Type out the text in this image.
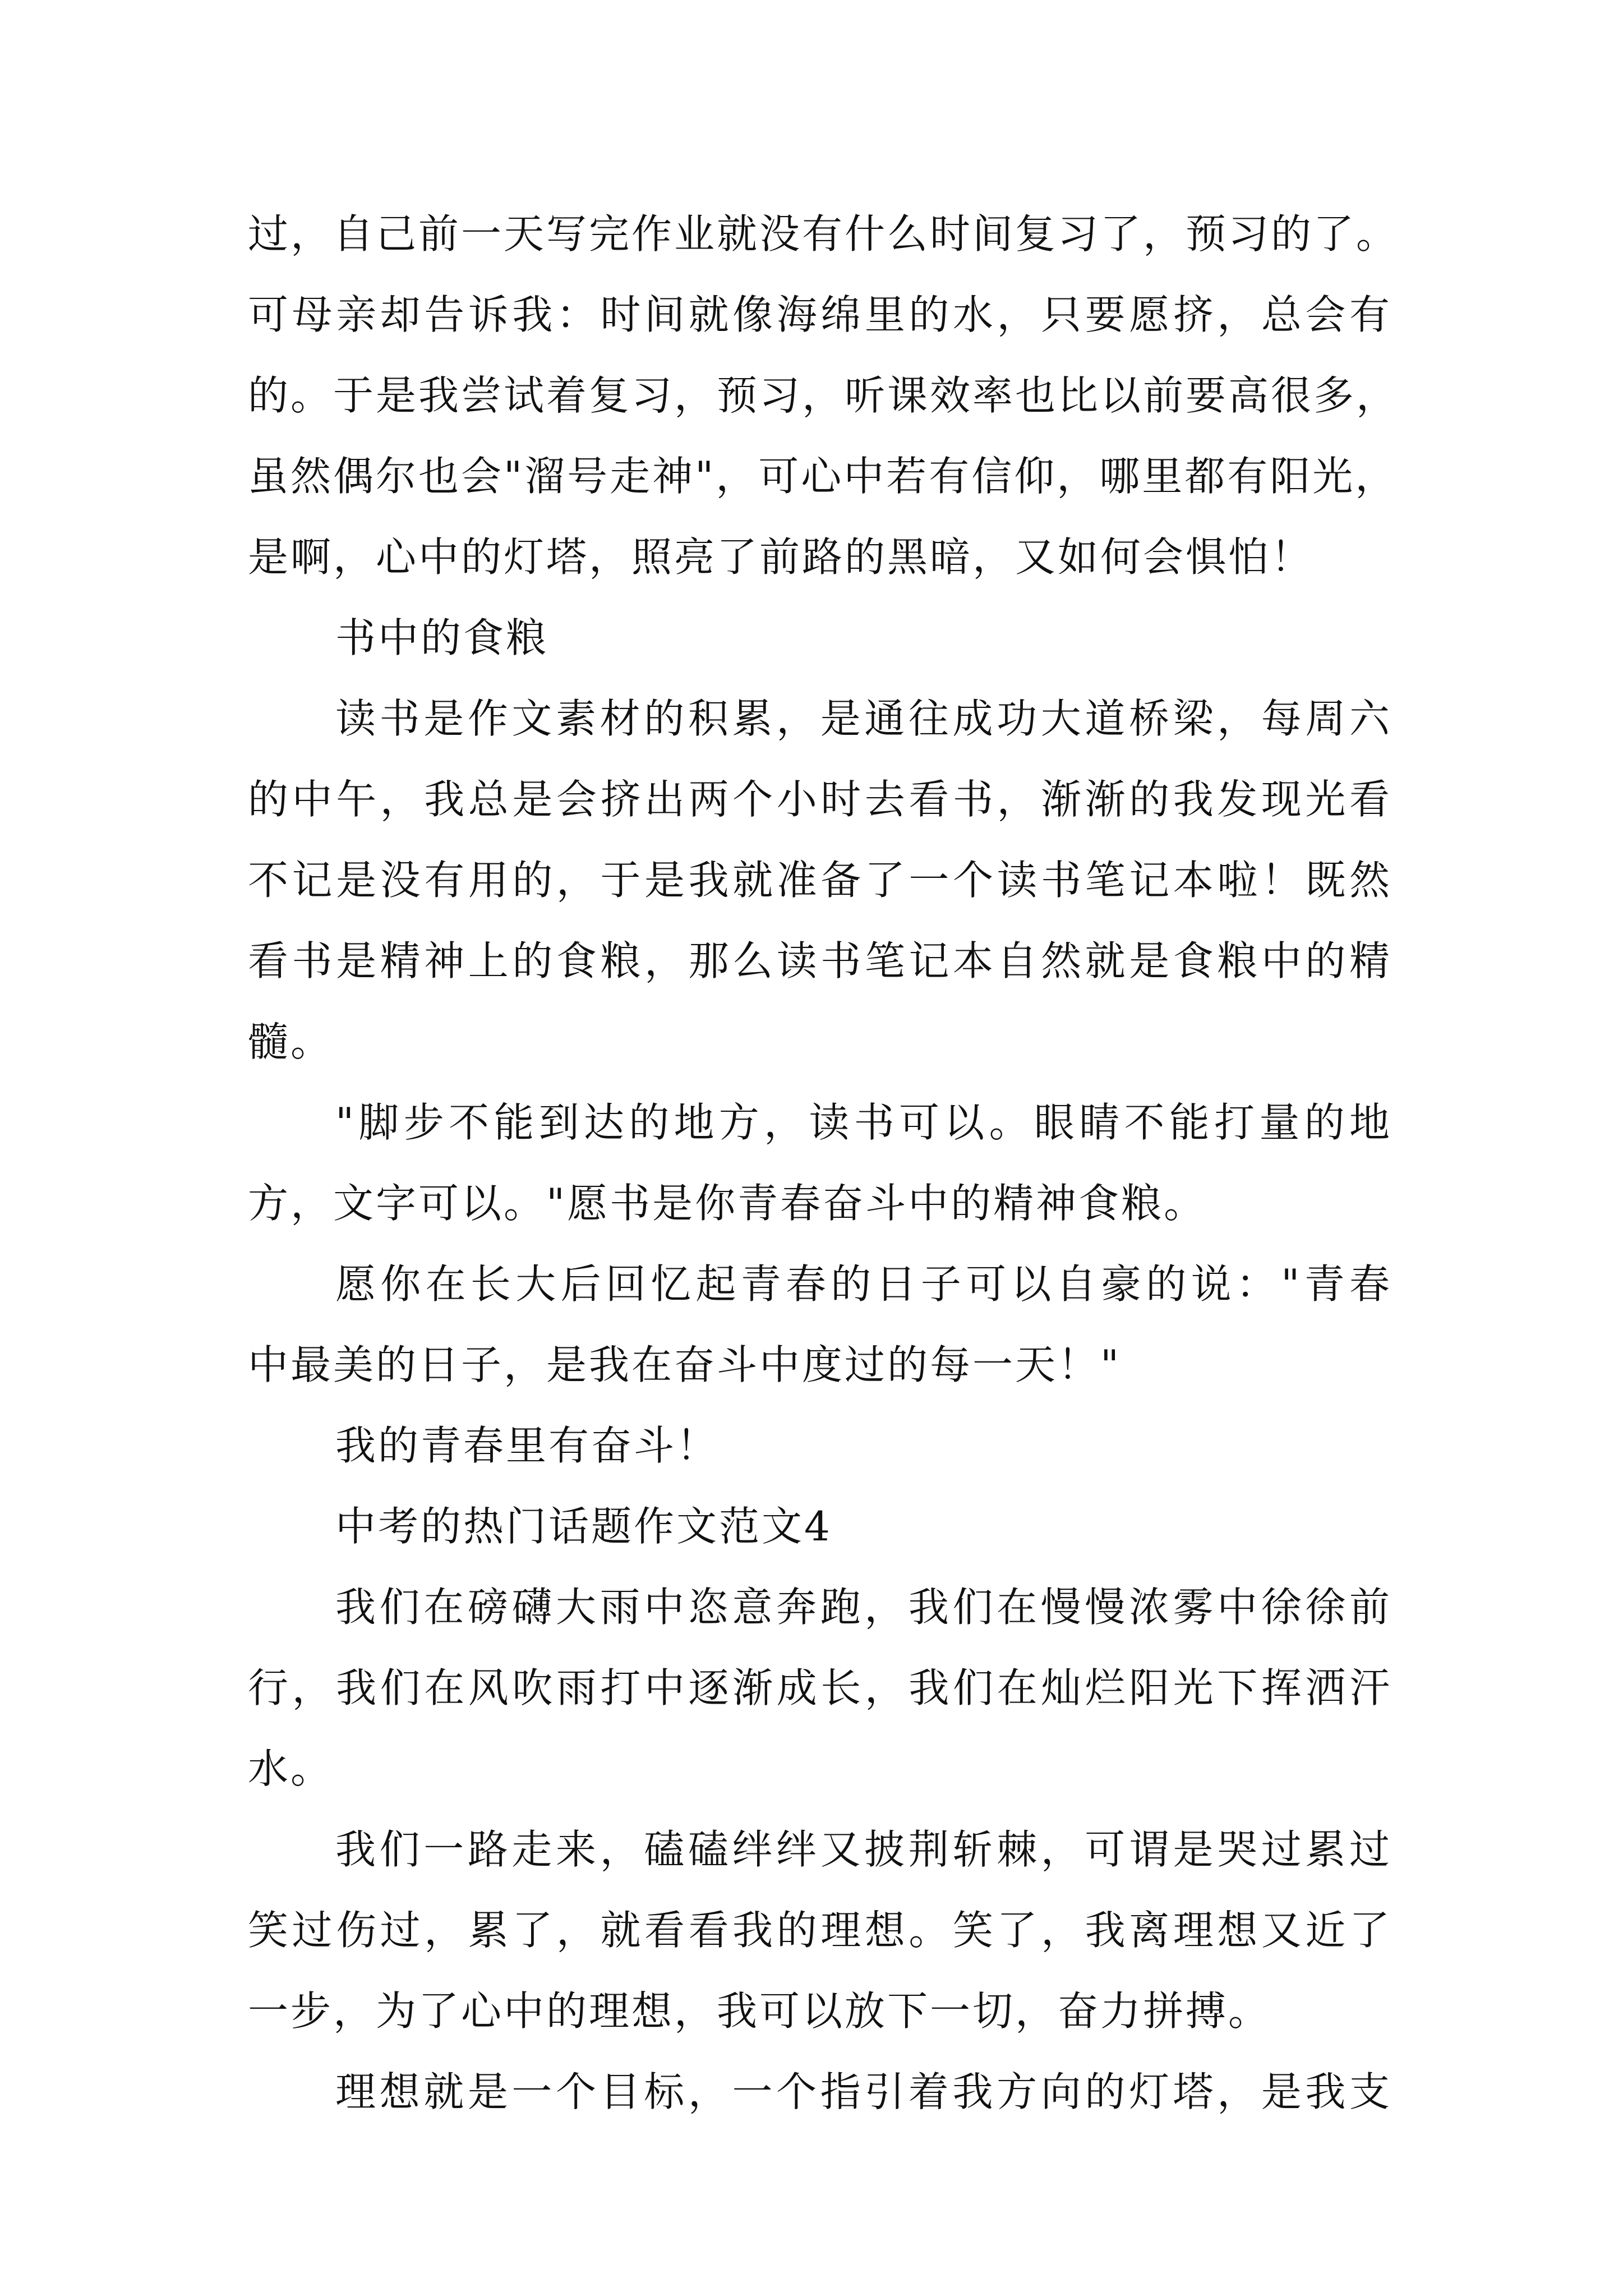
过，自己前一天写完作业就没有什么时间复习了，预习的了。
可母亲却告诉我：时间就像海绵里的水，只要愿挤，总会有
的。于是我尝试着复习，预习，听课效率也比以前要高很多，
虽然偶尔也会"溜号走神"，可心中若有信仰，哪里都有阳光，
是啊，心中的灯塔，照亮了前路的黑暗，又如何会惧怕！
书中的食粮
读书是作文素材的积累，是通往成功大道桥梁，每周六
的中午，我总是会挤出两个小时去看书，渐渐的我发现光看
不记是没有用的，于是我就准备了一个读书笔记本啦！既然
看书是精神上的食粮，那么读书笔记本自然就是食粮中的精
髓。
"脚步不能到达的地方，读书可以。眼睛不能打量的地
方，文字可以。"愿书是你青春奋斗中的精神食粮。
愿你在长大后回忆起青春的日子可以自豪的说："青春
中最美的日子，是我在奋斗中度过的每一天！"
我的青春里有奋斗！
中考的热门话题作文范文4
我们在磅礴大雨中恣意奔跑，我们在慢慢浓雾中徐徐前
行，我们在风吹雨打中逐渐成长，我们在灿烂阳光下挥洒汗
水。
我们一路走来，磕磕绊绊又披荆斩棘，可谓是哭过累过
笑过伤过，累了，就看看我的理想。笑了，我离理想又近了
一步，为了心中的理想，我可以放下一切，奋力拼搏。
理想就是一个目标，一个指引着我方向的灯塔，是我支
